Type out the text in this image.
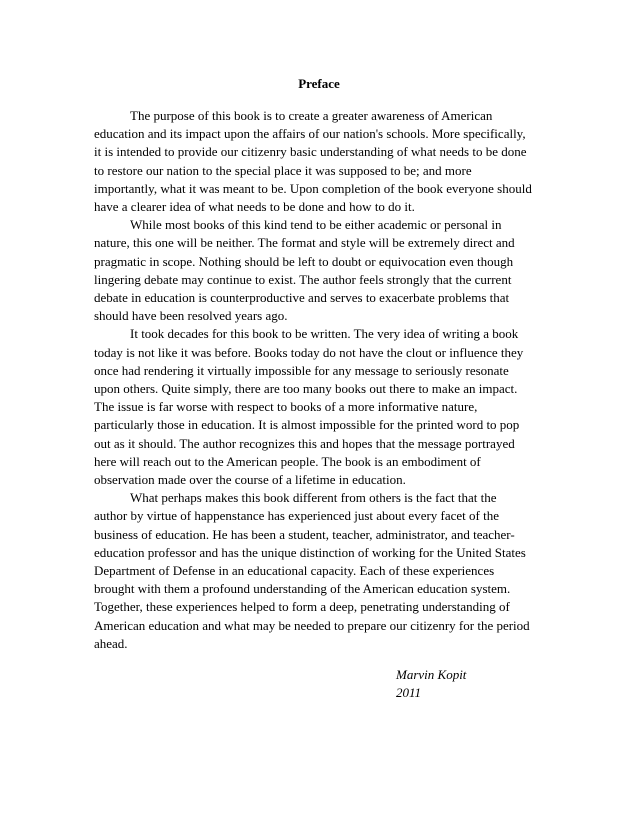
Preface
The purpose of this book is to create a greater awareness of American
education and its impact upon the affairs of our nation's schools. More specifically,
it is intended to provide our citizenry basic understanding of what needs to be done
to restore our nation to the special place it was supposed to be; and more
importantly, what it was meant to be. Upon completion of the book everyone should
have a clearer idea of what needs to be done and how to do it.
While most books of this kind tend to be either academic or personal in
nature, this one will be neither. The format and style will be extremely direct and
pragmatic in scope. Nothing should be left to doubt or equivocation even though
lingering debate may continue to exist. The author feels strongly that the current
debate in education is counterproductive and serves to exacerbate problems that
should have been resolved years ago.
It took decades for this book to be written. The very idea of writing a book
today is not like it was before. Books today do not have the clout or influence they
once had rendering it virtually impossible for any message to seriously resonate
upon others. Quite simply, there are too many books out there to make an impact.
The issue is far worse with respect to books of a more informative nature,
particularly those in education. It is almost impossible for the printed word to pop
out as it should. The author recognizes this and hopes that the message portrayed
here will reach out to the American people. The book is an embodiment of
observation made over the course of a lifetime in education.
What perhaps makes this book different from others is the fact that the
author by virtue of happenstance has experienced just about every facet of the
business of education. He has been a student, teacher, administrator, and teacher-
education professor and has the unique distinction of working for the United States
Department of Defense in an educational capacity. Each of these experiences
brought with them a profound understanding of the American education system.
Together, these experiences helped to form a deep, penetrating understanding of
American education and what may be needed to prepare our citizenry for the period
ahead.
Marvin Kopit
2011
